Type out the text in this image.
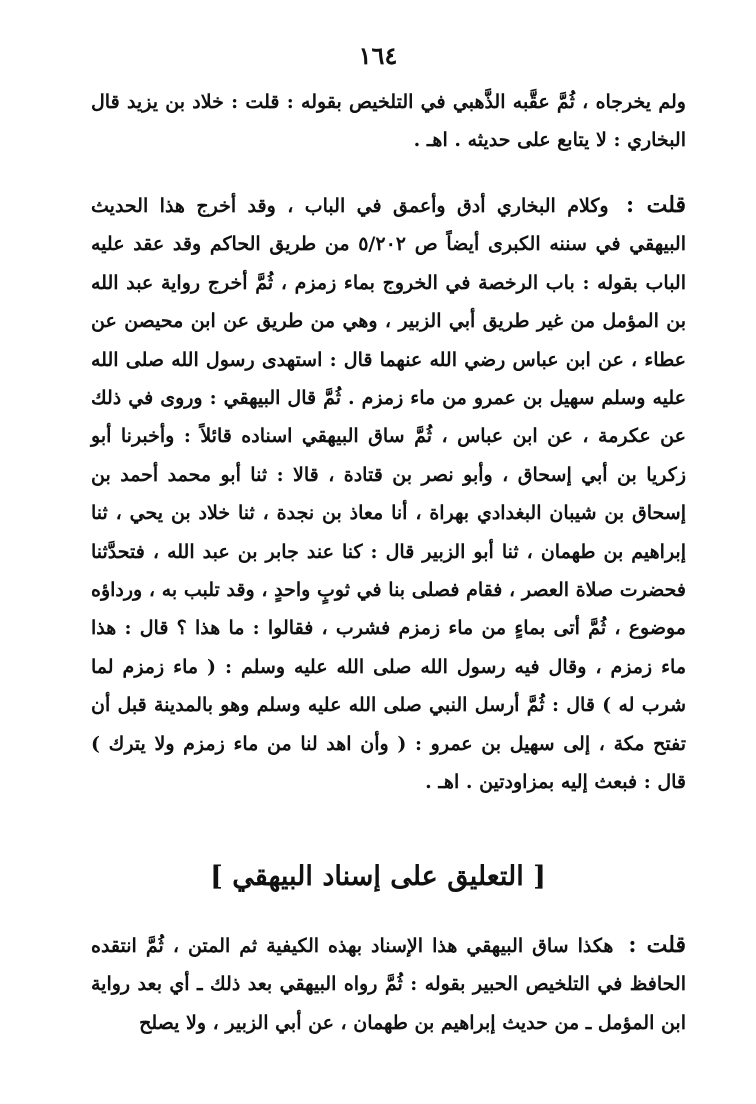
١٦٤

ولم يخرجاه ، ثُمَّ عقَّبه الذَّهبي في التلخيص بقوله : قلت : خلاد بن يزيد قال البخاري : لا يتابع على حديثه . اهـ .

قلت : وكلام البخاري أدق وأعمق في الباب ، وقد أخرج هذا الحديث البيهقي في سننه الكبرى أيضاً ص ٥/٢٠٢ من طريق الحاكم وقد عقد عليه الباب بقوله : باب الرخصة في الخروج بماء زمزم ، ثُمَّ أخرج رواية عبد الله بن المؤمل من غير طريق أبي الزبير ، وهي من طريق عن ابن محيصن عن عطاء ، عن ابن عباس رضي الله عنهما قال : استهدى رسول الله صلى الله عليه وسلم سهيل بن عمرو من ماء زمزم . ثُمَّ قال البيهقي : وروى في ذلك عن عكرمة ، عن ابن عباس ، ثُمَّ ساق البيهقي اسناده قائلاً : وأخبرنا أبو زكريا بن أبي إسحاق ، وأبو نصر بن قتادة ، قالا : ثنا أبو محمد أحمد بن إسحاق بن شيبان البغدادي بهراة ، أنا معاذ بن نجدة ، ثنا خلاد بن يحي ، ثنا إبراهيم بن طهمان ، ثنا أبو الزبير قال : كنا عند جابر بن عبد الله ، فتحدَّثنا فحضرت صلاة العصر ، فقام فصلى بنا في ثوبٍ واحدٍ ، وقد تلبب به ، ورداؤه موضوع ، ثُمَّ أتى بماءٍ من ماء زمزم فشرب ، فقالوا : ما هذا ؟ قال : هذا ماء زمزم ، وقال فيه رسول الله صلى الله عليه وسلم : ( ماء زمزم لما شرب له ) قال : ثُمَّ أرسل النبي صلى الله عليه وسلم وهو بالمدينة قبل أن تفتح مكة ، إلى سهيل بن عمرو : ( وأن اهد لنا من ماء زمزم ولا يترك ) قال : فبعث إليه بمزاودتين . اهـ .

[ التعليق على إسناد البيهقي ]

قلت : هكذا ساق البيهقي هذا الإسناد بهذه الكيفية ثم المتن ، ثُمَّ انتقده الحافظ في التلخيص الحبير بقوله : ثُمَّ رواه البيهقي بعد ذلك ـ أي بعد رواية ابن المؤمل ـ من حديث إبراهيم بن طهمان ، عن أبي الزبير ، ولا يصلح
